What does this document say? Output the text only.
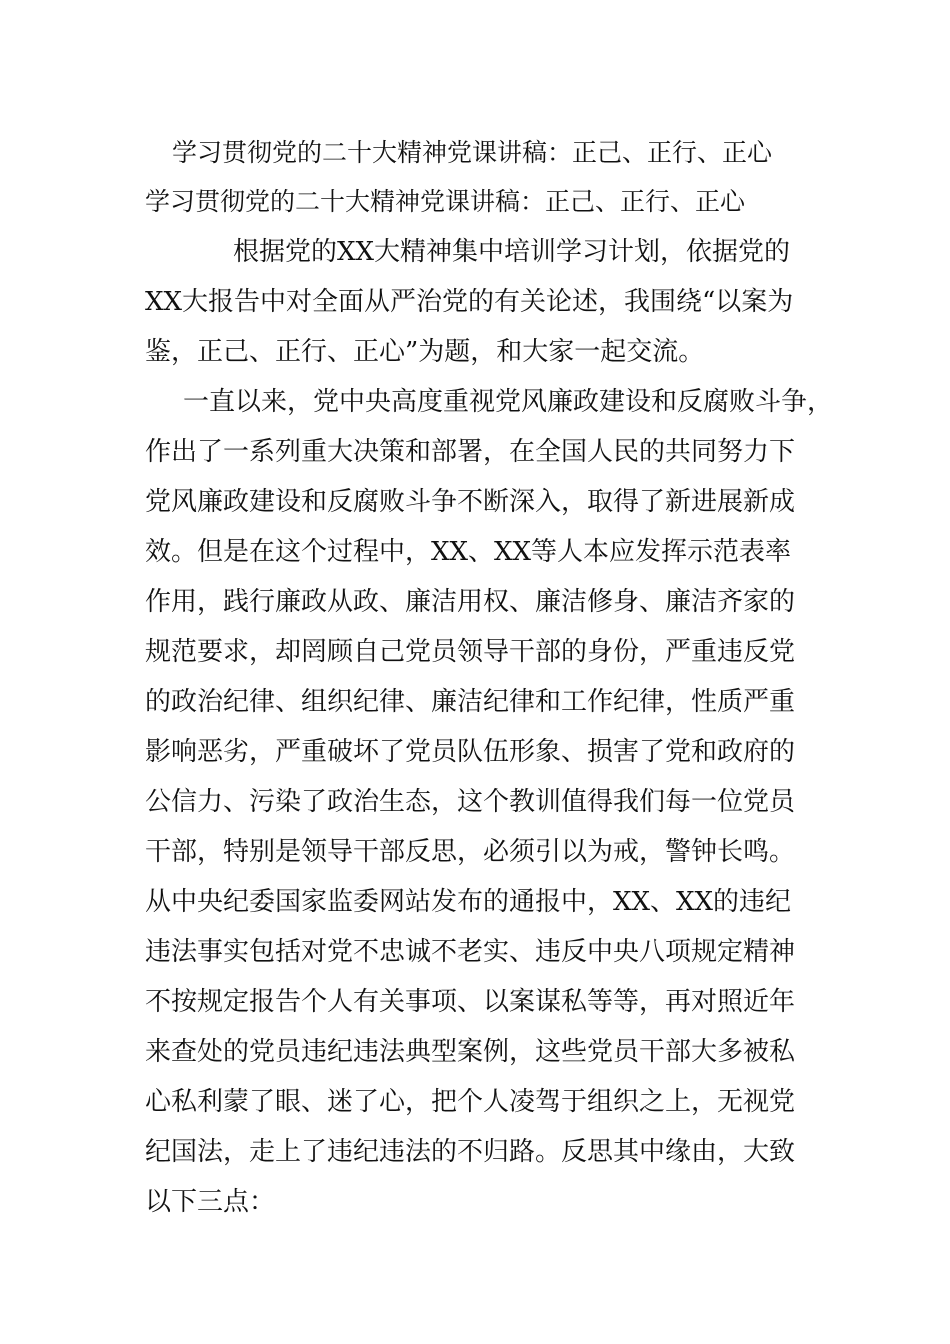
学习贯彻党的二十大精神党课讲稿：正己、正行、正心
学习贯彻党的二十大精神党课讲稿：正己、正行、正心
根据党的XX大精神集中培训学习计划，依据党的
XX大报告中对全面从严治党的有关论述，我围绕“以案为
鉴，正己、正行、正心”为题，和大家一起交流。
一直以来，党中央高度重视党风廉政建设和反腐败斗争，
作出了一系列重大决策和部署，在全国人民的共同努力下
党风廉政建设和反腐败斗争不断深入，取得了新进展新成
效。但是在这个过程中，XX、XX等人本应发挥示范表率
作用，践行廉政从政、廉洁用权、廉洁修身、廉洁齐家的
规范要求，却罔顾自己党员领导干部的身份，严重违反党
的政治纪律、组织纪律、廉洁纪律和工作纪律，性质严重
影响恶劣，严重破坏了党员队伍形象、损害了党和政府的
公信力、污染了政治生态，这个教训值得我们每一位党员
干部，特别是领导干部反思，必须引以为戒，警钟长鸣。
从中央纪委国家监委网站发布的通报中，XX、XX的违纪
违法事实包括对党不忠诚不老实、违反中央八项规定精神
不按规定报告个人有关事项、以案谋私等等，再对照近年
来查处的党员违纪违法典型案例，这些党员干部大多被私
心私利蒙了眼、迷了心，把个人凌驾于组织之上，无视党
纪国法，走上了违纪违法的不归路。反思其中缘由，大致
以下三点：
